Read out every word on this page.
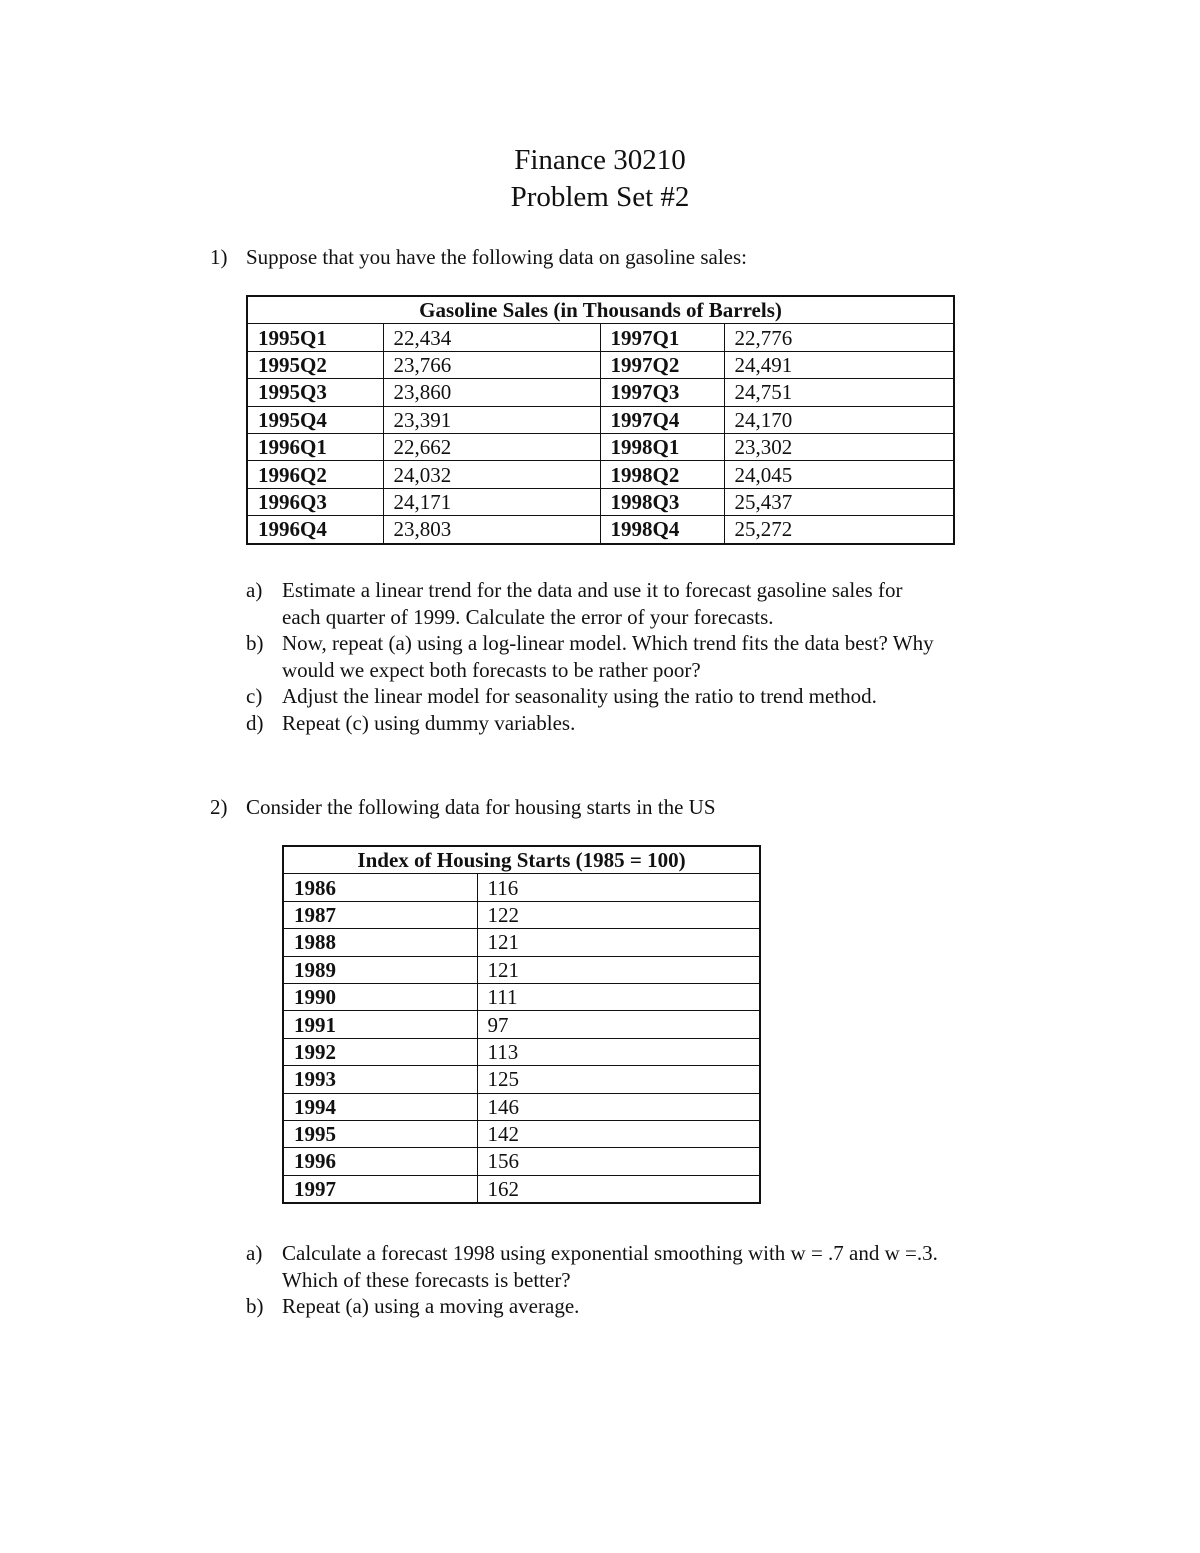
Finance 30210
Problem Set #2
1) Suppose that you have the following data on gasoline sales:
Gasoline Sales (in Thousands of Barrels)			
1995Q1	22,434	1997Q1	22,776
1995Q2	23,766	1997Q2	24,491
1995Q3	23,860	1997Q3	24,751
1995Q4	23,391	1997Q4	24,170
1996Q1	22,662	1998Q1	23,302
1996Q2	24,032	1998Q2	24,045
1996Q3	24,171	1998Q3	25,437
1996Q4	23,803	1998Q4	25,272
a) Estimate a linear trend for the data and use it to forecast gasoline sales for
each quarter of 1999. Calculate the error of your forecasts.
b) Now, repeat (a) using a log-linear model. Which trend fits the data best? Why
would we expect both forecasts to be rather poor?
c) Adjust the linear model for seasonality using the ratio to trend method.
d) Repeat (c) using dummy variables.
2) Consider the following data for housing starts in the US
Index of Housing Starts (1985 = 100)	
1986	116
1987	122
1988	121
1989	121
1990	111
1991	97
1992	113
1993	125
1994	146
1995	142
1996	156
1997	162
a) Calculate a forecast 1998 using exponential smoothing with w = .7 and w =.3.
Which of these forecasts is better?
b) Repeat (a) using a moving average.
